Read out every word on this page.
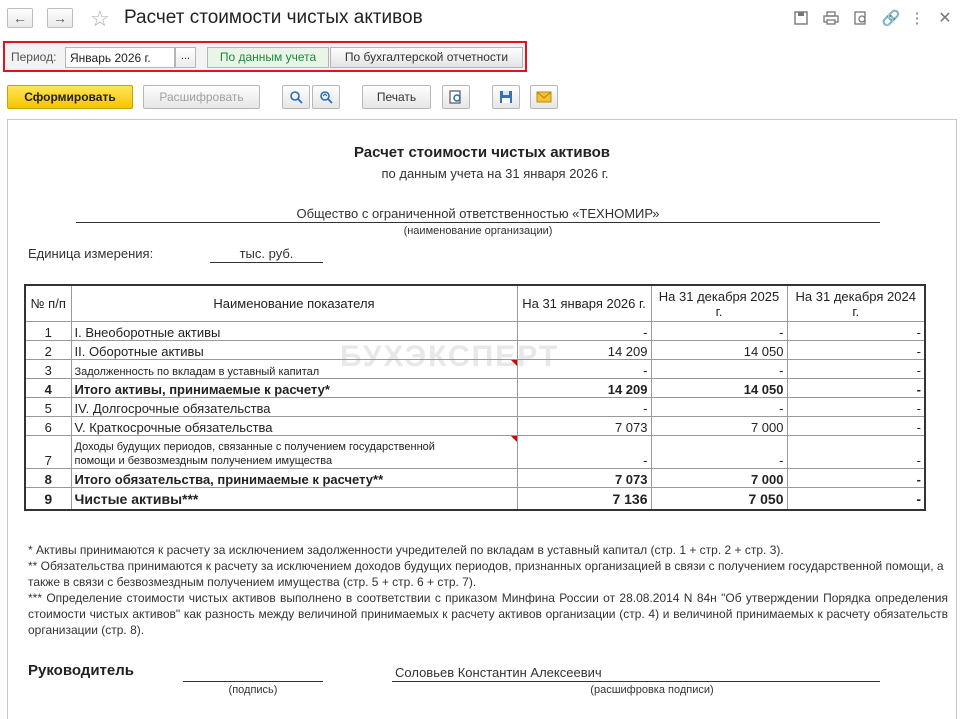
← → ☆ Расчет стоимости чистых активов	🔗 ⋮ ✕
Период:	Январь 2026 г.	...	По данным учета	По бухгалтерской отчетности
Сформировать	Расшифровать	Печать
Расчет стоимости чистых активов
по данным учета на 31 января 2026 г.
Общество с ограниченной ответственностью «ТЕХНОМИР»
(наименование организации)
Единица измерения:	тыс. руб.
БУХЭКСПЕРТ
№ п/п	Наименование показателя	На 31 января 2026 г.	На 31 декабря 2025 г.	На 31 декабря 2024 г.
1	I. Внеоборотные активы	-	-	-
2	II. Оборотные активы	14 209	14 050	-
3	Задолженность по вкладам в уставный капитал	-	-	-
4	Итого активы, принимаемые к расчету*	14 209	14 050	-
5	IV. Долгосрочные обязательства	-	-	-
6	V. Краткосрочные обязательства	7 073	7 000	-
7	Доходы будущих периодов, связанные с получением государственной помощи и безвозмездным получением имущества	-	-	-
8	Итого обязательства, принимаемые к расчету**	7 073	7 000	-
9	Чистые активы***	7 136	7 050	-
* Активы принимаются к расчету за исключением задолженности учредителей по вкладам в уставный капитал (стр. 1 + стр. 2 + стр. 3).
** Обязательства принимаются к расчету за исключением доходов будущих периодов, признанных организацией в связи с получением государственной помощи, а также в связи с безвозмездным получением имущества (стр. 5 + стр. 6 + стр. 7).
*** Определение стоимости чистых активов выполнено в соответствии с приказом Минфина России от 28.08.2014 N 84н "Об утверждении Порядка определения стоимости чистых активов" как разность между величиной принимаемых к расчету активов организации (стр. 4) и величиной принимаемых к расчету обязательств организации (стр. 8).
Руководитель
(подпись)
Соловьев Константин Алексеевич
(расшифровка подписи)
